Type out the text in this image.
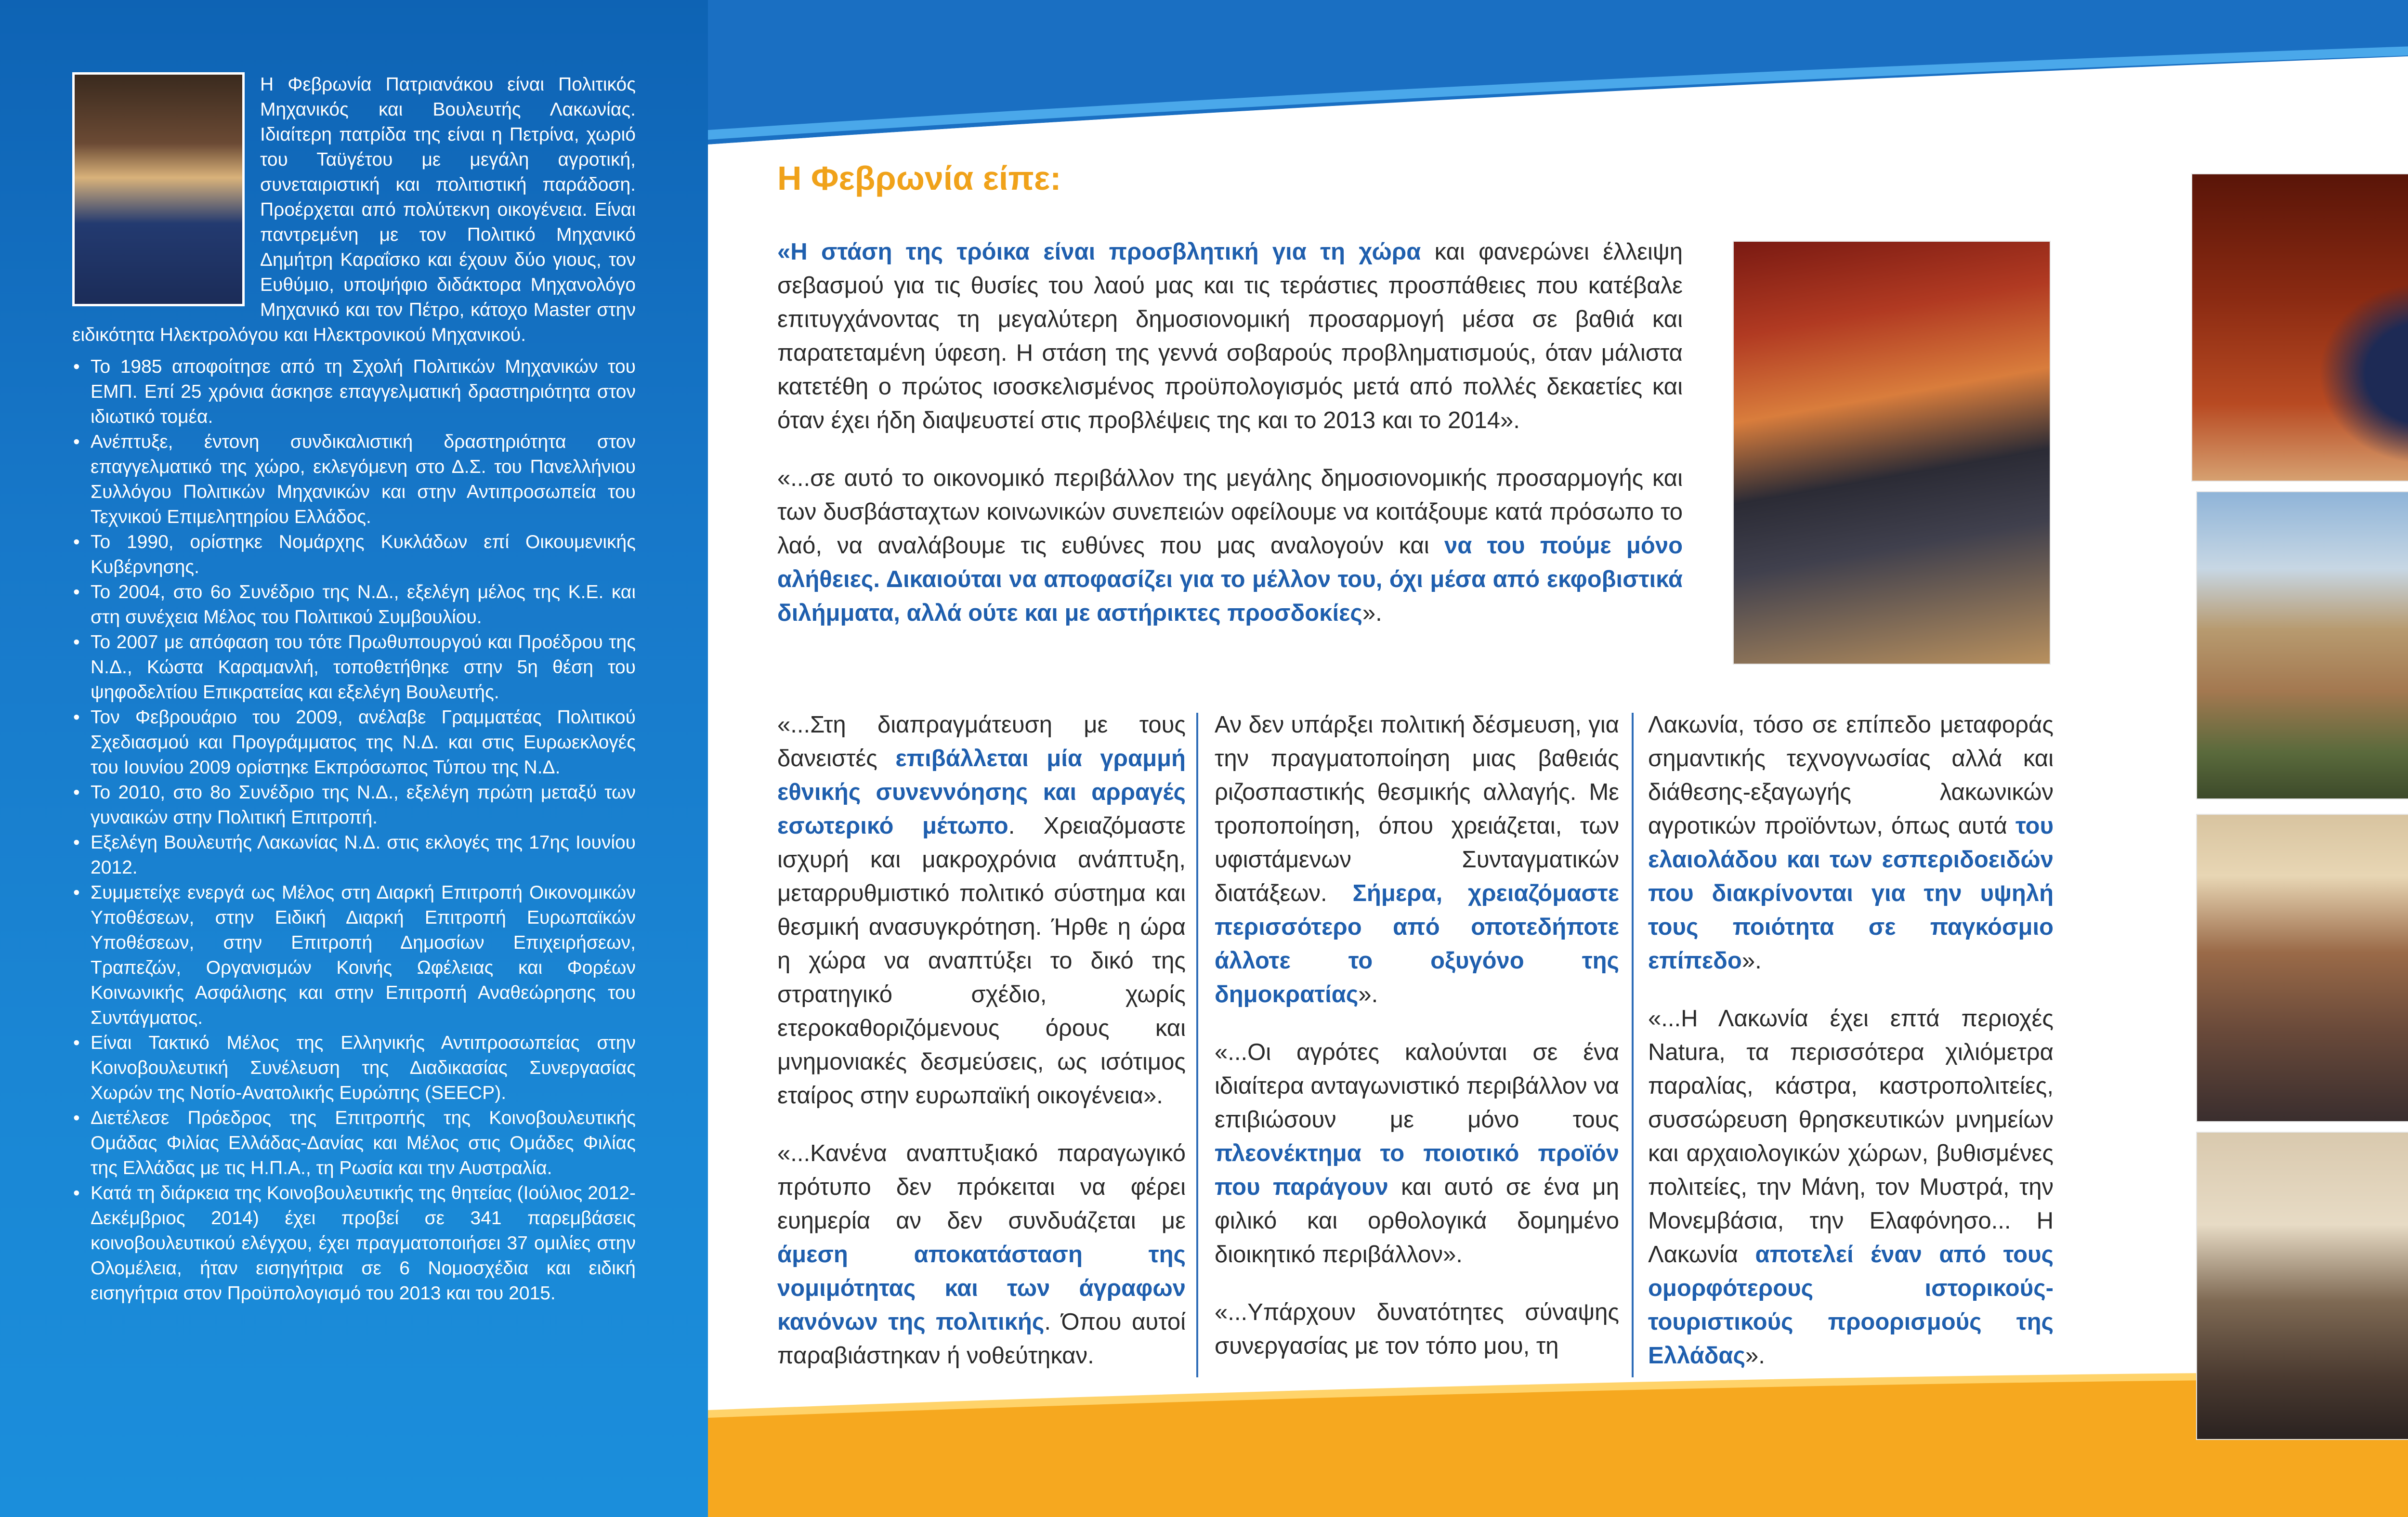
Η Φεβρωνία Πατριανάκου είναι Πολιτικός Μηχανικός και Βουλευτής Λακωνίας. Ιδιαίτερη πατρίδα της είναι η Πετρίνα, χωριό του Ταϋγέτου με μεγάλη αγροτική, συνεταιριστική και πολιτιστική παράδοση. Προέρχεται από πολύτεκνη οικογένεια. Είναι παντρεμένη με τον Πολιτικό Μηχανικό Δημήτρη Καραΐσκο και έχουν δύο γιους, τον Ευθύμιο, υποψήφιο διδάκτορα Μηχανολόγο Μηχανικό και τον Πέτρο, κάτοχο Master στην ειδικότητα Ηλεκτρολόγου και Ηλεκτρονικού Μηχανικού.

• Το 1985 αποφοίτησε από τη Σχολή Πολιτικών Μηχανικών του ΕΜΠ. Επί 25 χρόνια άσκησε επαγγελματική δραστηριότητα στον ιδιωτικό τομέα.
• Ανέπτυξε, έντονη συνδικαλιστική δραστηριότητα στον επαγγελματικό της χώρο, εκλεγόμενη στο Δ.Σ. του Πανελλήνιου Συλλόγου Πολιτικών Μηχανικών και στην Αντιπροσωπεία του Τεχνικού Επιμελητηρίου Ελλάδος.
• Το 1990, ορίστηκε Νομάρχης Κυκλάδων επί Οικουμενικής Κυβέρνησης.
• Το 2004, στο 6ο Συνέδριο της Ν.Δ., εξελέγη μέλος της Κ.Ε. και στη συνέχεια Μέλος του Πολιτικού Συμβουλίου.
• Το 2007 με απόφαση του τότε Πρωθυπουργού και Προέδρου της Ν.Δ., Κώστα Καραμανλή, τοποθετήθηκε στην 5η θέση του ψηφοδελτίου Επικρατείας και εξελέγη Βουλευτής.
• Τον Φεβρουάριο του 2009, ανέλαβε Γραμματέας Πολιτικού Σχεδιασμού και Προγράμματος της Ν.Δ. και στις Ευρωεκλογές του Ιουνίου 2009 ορίστηκε Εκπρόσωπος Τύπου της Ν.Δ.
• Το 2010, στο 8ο Συνέδριο της Ν.Δ., εξελέγη πρώτη μεταξύ των γυναικών στην Πολιτική Επιτροπή.
• Εξελέγη Βουλευτής Λακωνίας Ν.Δ. στις εκλογές της 17ης Ιουνίου 2012.
• Συμμετείχε ενεργά ως Μέλος στη Διαρκή Επιτροπή Οικονομικών Υποθέσεων, στην Ειδική Διαρκή Επιτροπή Ευρωπαϊκών Υποθέσεων, στην Επιτροπή Δημοσίων Επιχειρήσεων, Τραπεζών, Οργανισμών Κοινής Ωφέλειας και Φορέων Κοινωνικής Ασφάλισης και στην Επιτροπή Αναθεώρησης του Συντάγματος.
• Είναι Τακτικό Μέλος της Ελληνικής Αντιπροσωπείας στην Κοινοβουλευτική Συνέλευση της Διαδικασίας Συνεργασίας Χωρών της Νοτίο-Ανατολικής Ευρώπης (SEECP).
• Διετέλεσε Πρόεδρος της Επιτροπής της Κοινοβουλευτικής Ομάδας Φιλίας Ελλάδας-Δανίας και Μέλος στις Ομάδες Φιλίας της Ελλάδας με τις Η.Π.Α., τη Ρωσία και την Αυστραλία.
• Κατά τη διάρκεια της Κοινοβουλευτικής της θητείας (Ιούλιος 2012-Δεκέμβριος 2014) έχει προβεί σε 341 παρεμβάσεις κοινοβουλευτικού ελέγχου, έχει πραγματοποιήσει 37 ομιλίες στην Ολομέλεια, ήταν εισηγήτρια σε 6 Νομοσχέδια και ειδική εισηγήτρια στον Προϋπολογισμό του 2013 και του 2015.
Η Φεβρωνία είπε:

«Η στάση της τρόικα είναι προσβλητική για τη χώρα και φανερώνει έλλειψη σεβασμού για τις θυσίες του λαού μας και τις τεράστιες προσπάθειες που κατέβαλε επιτυγχάνοντας τη μεγαλύτερη δημοσιονομική προσαρμογή μέσα σε βαθιά και παρατεταμένη ύφεση. Η στάση της γεννά σοβαρούς προβληματισμούς, όταν μάλιστα κατετέθη ο πρώτος ισοσκελισμένος προϋπολογισμός μετά από πολλές δεκαετίες και όταν έχει ήδη διαψευστεί στις προβλέψεις της και το 2013 και το 2014».

«...σε αυτό το οικονομικό περιβάλλον της μεγάλης δημοσιονομικής προσαρμογής και των δυσβάσταχτων κοινωνικών συνεπειών οφείλουμε να κοιτάξουμε κατά πρόσωπο το λαό, να αναλάβουμε τις ευθύνες που μας αναλογούν και να του πούμε μόνο αλήθειες. Δικαιούται να αποφασίζει για το μέλλον του, όχι μέσα από εκφοβιστικά διλήμματα, αλλά ούτε και με αστήρικτες προσδοκίες».

«...Στη διαπραγμάτευση με τους δανειστές επιβάλλεται μία γραμμή εθνικής συνεννόησης και αρραγές εσωτερικό μέτωπο. Χρειαζόμαστε ισχυρή και μακροχρόνια ανάπτυξη, μεταρρυθμιστικό πολιτικό σύστημα και θεσμική ανασυγκρότηση. Ήρθε η ώρα η χώρα να αναπτύξει το δικό της στρατηγικό σχέδιο, χωρίς ετεροκαθοριζόμενους όρους και μνημονιακές δεσμεύσεις, ως ισότιμος εταίρος στην ευρωπαϊκή οικογένεια».

«...Κανένα αναπτυξιακό παραγωγικό πρότυπο δεν πρόκειται να φέρει ευημερία αν δεν συνδυάζεται με άμεση αποκατάσταση της νομιμότητας και των άγραφων κανόνων της πολιτικής. Όπου αυτοί παραβιάστηκαν ή νοθεύτηκαν.

Αν δεν υπάρξει πολιτική δέσμευση, για την πραγματοποίηση μιας βαθειάς ριζοσπαστικής θεσμικής αλλαγής. Με τροποποίηση, όπου χρειάζεται, των υφιστάμενων Συνταγματικών διατάξεων. Σήμερα, χρειαζόμαστε περισσότερο από οποτεδήποτε άλλοτε το οξυγόνο της δημοκρατίας».

«...Οι αγρότες καλούνται σε ένα ιδιαίτερα ανταγωνιστικό περιβάλλον να επιβιώσουν με μόνο τους πλεονέκτημα το ποιοτικό προϊόν που παράγουν και αυτό σε ένα μη φιλικό και ορθολογικά δομημένο διοικητικό περιβάλλον».

«...Υπάρχουν δυνατότητες σύναψης συνεργασίας με τον τόπο μου, τη

Λακωνία, τόσο σε επίπεδο μεταφοράς σημαντικής τεχνογνωσίας αλλά και διάθεσης-εξαγωγής λακωνικών αγροτικών προϊόντων, όπως αυτά του ελαιολάδου και των εσπεριδοειδών που διακρίνονται για την υψηλή τους ποιότητα σε παγκόσμιο επίπεδο».

«...Η Λακωνία έχει επτά περιοχές Natura, τα περισσότερα χιλιόμετρα παραλίας, κάστρα, καστροπολιτείες, συσσώρευση θρησκευτικών μνημείων και αρχαιολογικών χώρων, βυθισμένες πολιτείες, την Μάνη, τον Μυστρά, την Μονεμβάσια, την Ελαφόνησο... Η Λακωνία αποτελεί έναν από τους ομορφότερους ιστορικούς-τουριστικούς προορισμούς της Ελλάδας».
